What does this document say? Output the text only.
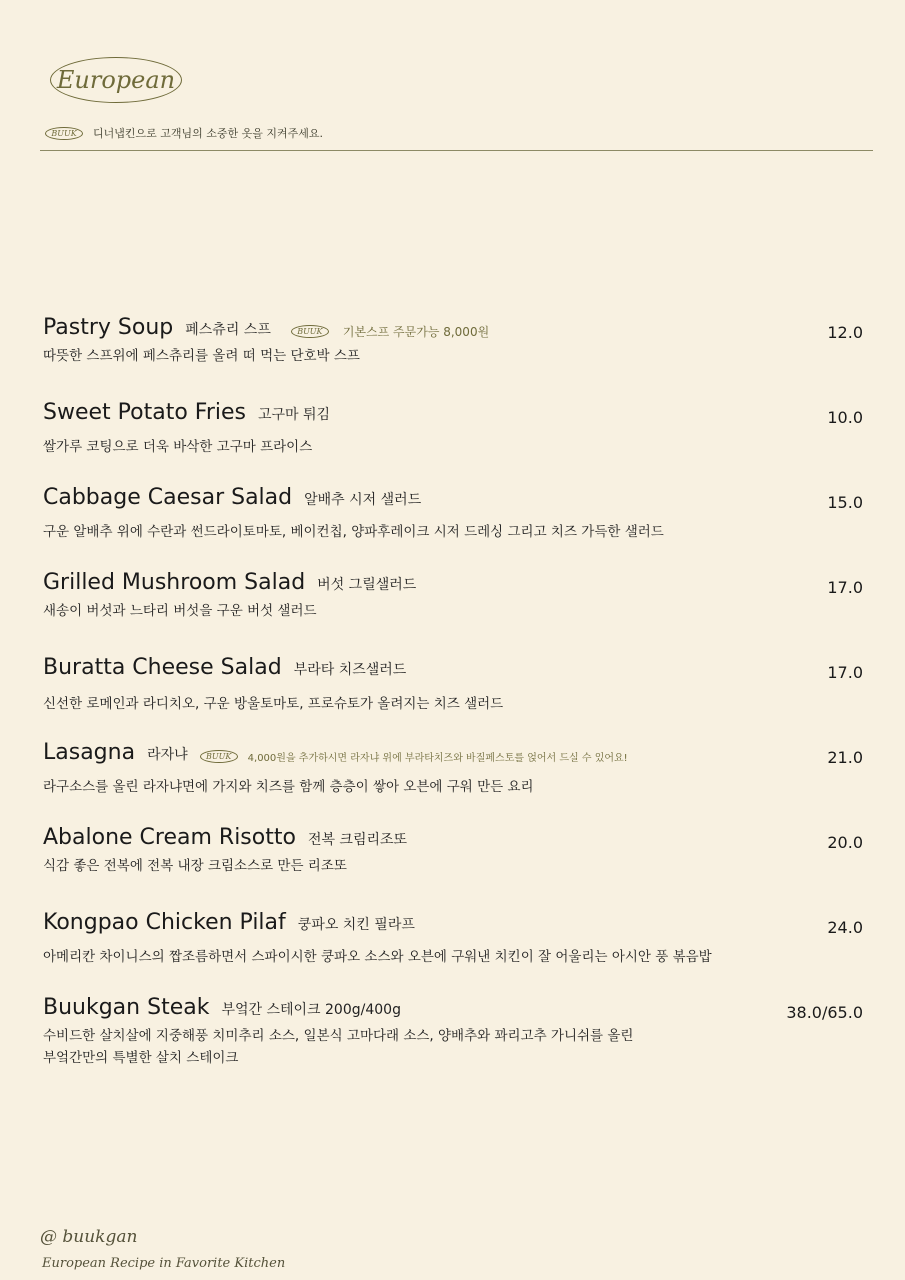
European
BUUK	디너냅킨으로 고객님의 소중한 옷을 지켜주세요.
Pastry Soup 페스츄리 스프	BUUK	기본스프 주문가능 8,000원	12.0
따뜻한 스프위에 페스츄리를 올려 떠 먹는 단호박 스프
Sweet Potato Fries 고구마 튀김	10.0
쌀가루 코팅으로 더욱 바삭한 고구마 프라이스
Cabbage Caesar Salad 알배추 시저 샐러드	15.0
구운 알배추 위에 수란과 썬드라이토마토, 베이컨칩, 양파후레이크 시저 드레싱 그리고 치즈 가득한 샐러드
Grilled Mushroom Salad 버섯 그릴샐러드	17.0
새송이 버섯과 느타리 버섯을 구운 버섯 샐러드
Buratta Cheese Salad 부라타 치즈샐러드	17.0
신선한 로메인과 라디치오, 구운 방울토마토, 프로슈토가 올려지는 치즈 샐러드
Lasagna 라자냐	BUUK	4,000원을 추가하시면 라자냐 위에 부라타치즈와 바질페스토를 얹어서 드실 수 있어요!	21.0
라구소스를 올린 라자냐면에 가지와 치즈를 함께 층층이 쌓아 오븐에 구워 만든 요리
Abalone Cream Risotto 전복 크림리조또	20.0
식감 좋은 전복에 전복 내장 크림소스로 만든 리조또
Kongpao Chicken Pilaf 쿵파오 치킨 필라프	24.0
아메리칸 차이니스의 짭조름하면서 스파이시한 쿵파오 소스와 오븐에 구워낸 치킨이 잘 어울리는 아시안 풍 볶음밥
Buukgan Steak 부엌간 스테이크 200g/400g	38.0/65.0
수비드한 살치살에 지중해풍 치미추리 소스, 일본식 고마다래 소스, 양배추와 꽈리고추 가니쉬를 올린
부엌간만의 특별한 살치 스테이크
@ buukgan
European Recipe in Favorite Kitchen
